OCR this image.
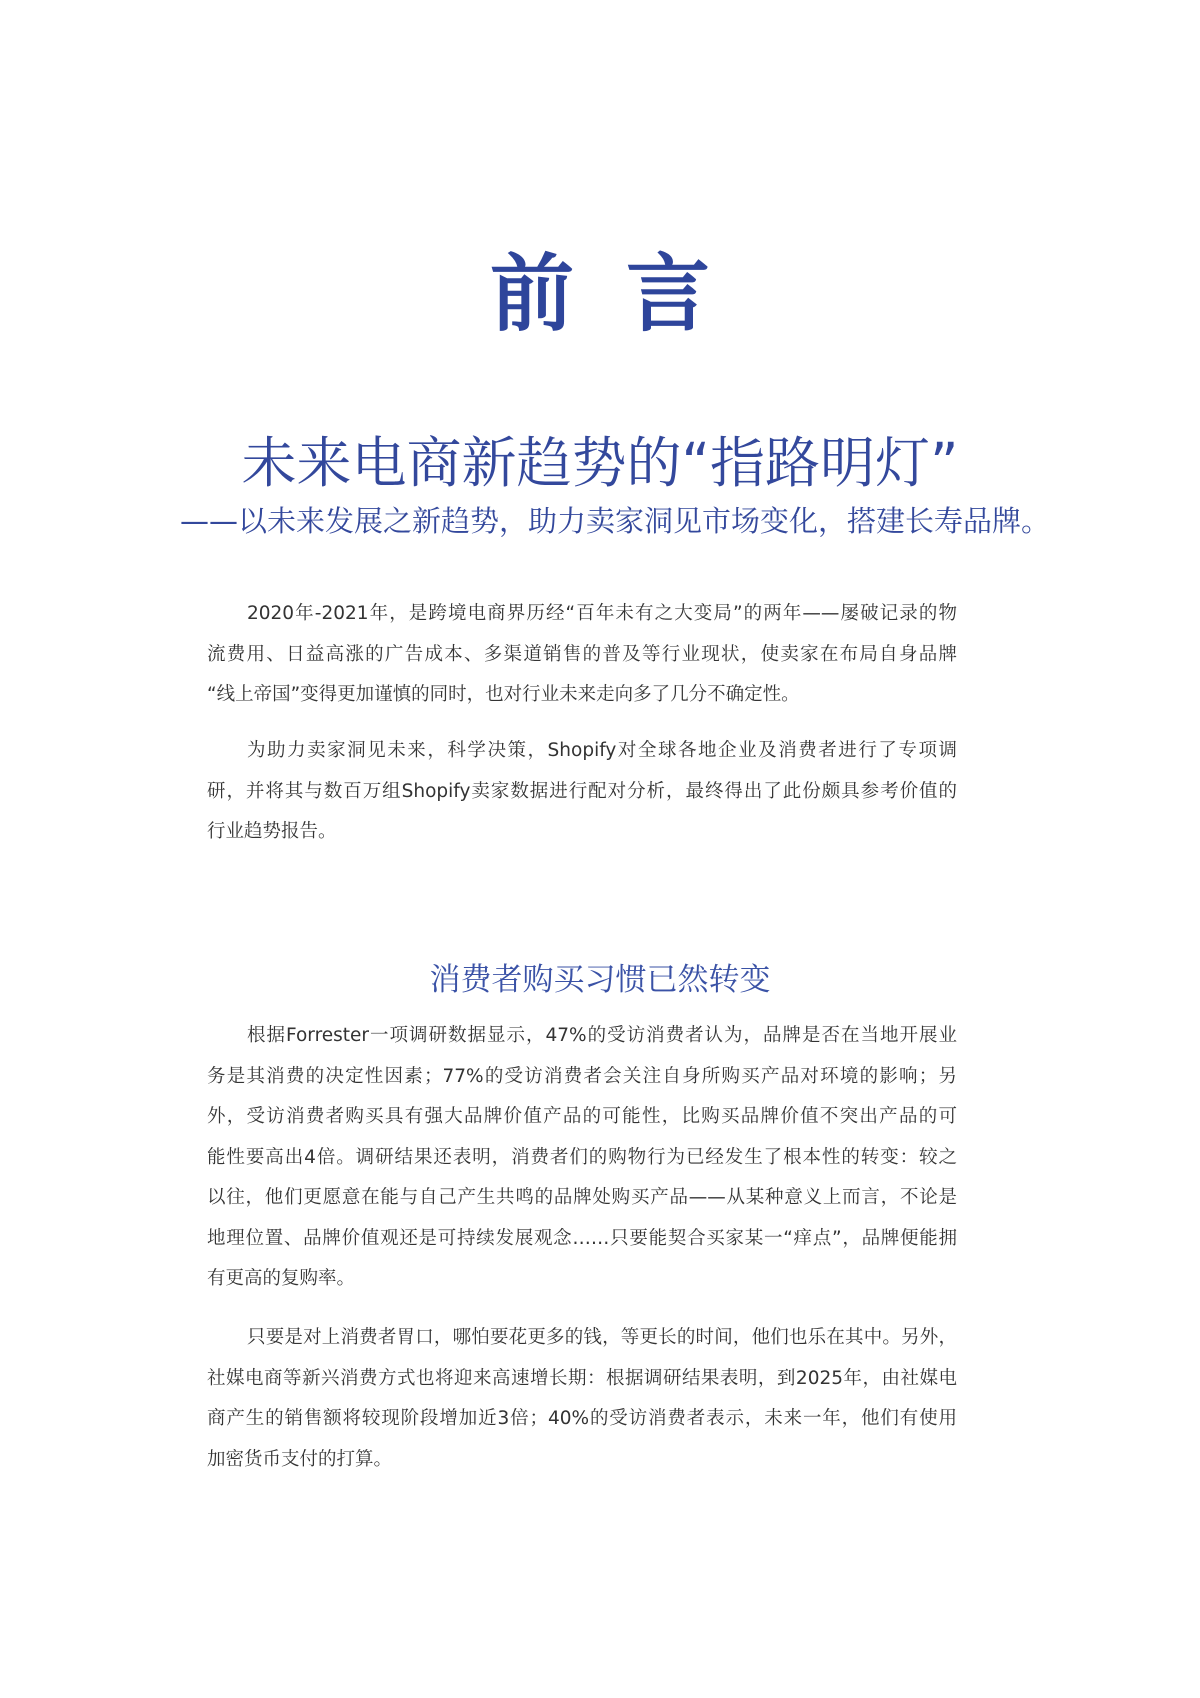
前言
未来电商新趋势的“指路明灯”
——以未来发展之新趋势，助力卖家洞见市场变化，搭建长寿品牌。
2020年-2021年，是跨境电商界历经“百年未有之大变局”的两年——屡破记录的物
流费用、日益高涨的广告成本、多渠道销售的普及等行业现状，使卖家在布局自身品牌
“线上帝国”变得更加谨慎的同时，也对行业未来走向多了几分不确定性。
为助力卖家洞见未来，科学决策，Shopify对全球各地企业及消费者进行了专项调
研，并将其与数百万组Shopify卖家数据进行配对分析，最终得出了此份颇具参考价值的
行业趋势报告。
消费者购买习惯已然转变
根据Forrester一项调研数据显示，47%的受访消费者认为，品牌是否在当地开展业
务是其消费的决定性因素；77%的受访消费者会关注自身所购买产品对环境的影响；另
外，受访消费者购买具有强大品牌价值产品的可能性，比购买品牌价值不突出产品的可
能性要高出4倍。调研结果还表明，消费者们的购物行为已经发生了根本性的转变：较之
以往，他们更愿意在能与自己产生共鸣的品牌处购买产品——从某种意义上而言，不论是
地理位置、品牌价值观还是可持续发展观念……只要能契合买家某一“痒点”，品牌便能拥
有更高的复购率。
只要是对上消费者胃口，哪怕要花更多的钱，等更长的时间，他们也乐在其中。另外，
社媒电商等新兴消费方式也将迎来高速增长期：根据调研结果表明，到2025年，由社媒电
商产生的销售额将较现阶段增加近3倍；40%的受访消费者表示，未来一年，他们有使用
加密货币支付的打算。
